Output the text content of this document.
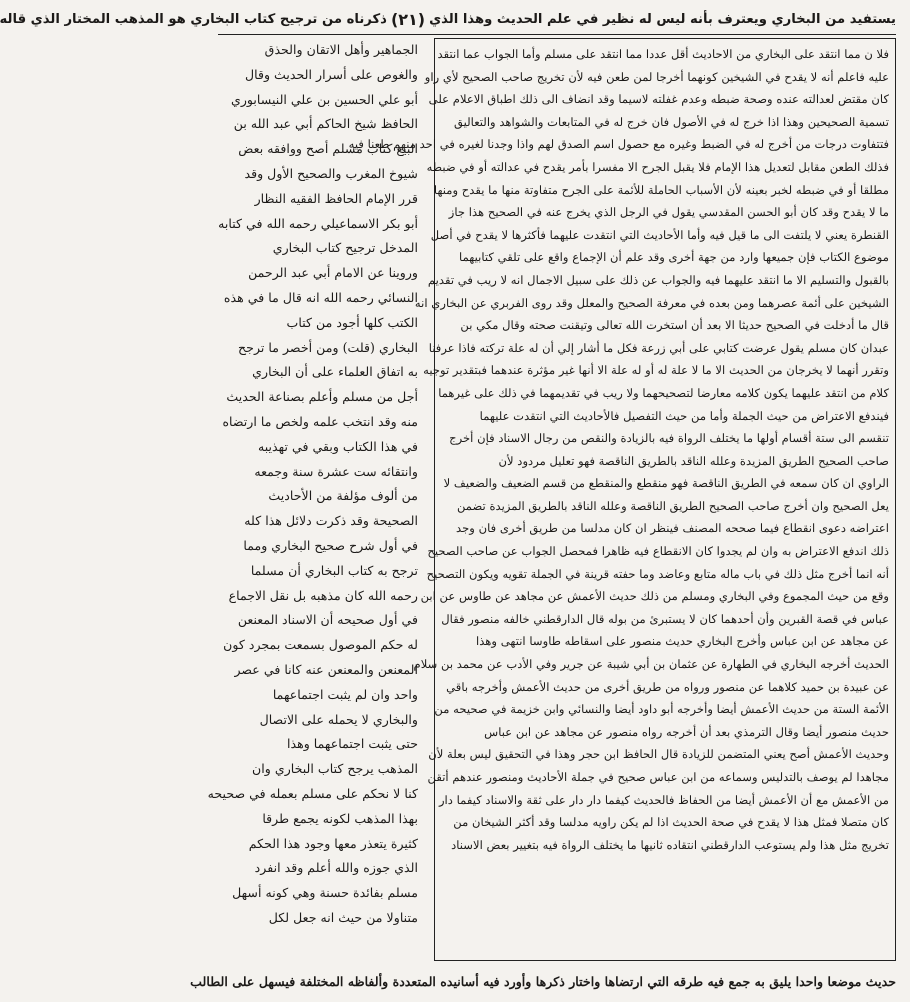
يستفيد من البخاري ويعترف بأنه ليس له نظير في علم الحديث وهذا الذي
(٢١)
ذكرناه من ترجيح كتاب البخاري هو المذهب المختار الذي قاله
فلا ن مما انتقد على البخاري من الاحاديث أقل عددا مما انتقد على مسلم وأما الجواب عما انتقد
عليه فاعلم أنه لا يقدح في الشيخين كونهما أخرجا لمن طعن فيه لأن تخريج صاحب الصحيح لأي راو
كان مقتض لعدالته عنده وصحة ضبطه وعدم غفلته لاسيما وقد انضاف الى ذلك اطباق الاعلام على
تسمية الصحيحين وهذا اذا خرج له في الأصول فان خرج له في المتابعات والشواهد والتعاليق
فتتفاوت درجات من أخرج له في الضبط وغيره مع حصول اسم الصدق لهم واذا وجدنا لغيره في احد منهم طعنا فيه
فذلك الطعن مقابل لتعديل هذا الإمام فلا يقبل الجرح الا مفسرا بأمر يقدح في عدالته أو في ضبطه
مطلقا أو في ضبطه لخبر بعينه لأن الأسباب الحاملة للأئمة على الجرح متفاوتة منها ما يقدح ومنها
ما لا يقدح وقد كان أبو الحسن المقدسي يقول في الرجل الذي يخرج عنه في الصحيح هذا جاز
القنطرة يعني لا يلتفت الى ما قيل فيه وأما الأحاديث التي انتقدت عليهما فأكثرها لا يقدح في أصل
موضوع الكتاب فإن جميعها وارد من جهة أخرى وقد علم أن الإجماع واقع على تلقي كتابيهما
بالقبول والتسليم الا ما انتقد عليهما فيه والجواب عن ذلك على سبيل الاجمال انه لا ريب في تقديم
الشيخين على أئمة عصرهما ومن بعده في معرفة الصحيح والمعلل وقد روى الفربري عن البخاري انه
قال ما أدخلت في الصحيح حديثا الا بعد أن استخرت الله تعالى وتيقنت صحته وقال مكي بن
عبدان كان مسلم يقول عرضت كتابي على أبي زرعة فكل ما أشار إلي أن له علة تركته فاذا عرفنا
وتقرر أنهما لا يخرجان من الحديث الا ما لا علة له أو له علة الا أنها غير مؤثرة عندهما فبتقدير توجيه
كلام من انتقد عليهما يكون كلامه معارضا لتصحيحهما ولا ريب في تقديمهما في ذلك على غيرهما
فيندفع الاعتراض من حيث الجملة وأما من حيث التفصيل فالأحاديث التي انتقدت عليهما
تنقسم الى ستة أقسام أولها ما يختلف الرواة فيه بالزيادة والنقص من رجال الاسناد فإن أخرج
صاحب الصحيح الطريق المزيدة وعلله الناقد بالطريق الناقصة فهو تعليل مردود لأن
الراوي ان كان سمعه في الطريق الناقصة فهو منقطع والمنقطع من قسم الضعيف والضعيف لا
يعل الصحيح وان أخرج صاحب الصحيح الطريق الناقصة وعلله الناقد بالطريق المزيدة تضمن
اعتراضه دعوى انقطاع فيما صححه المصنف فينظر ان كان مدلسا من طريق أخرى فان وجد
ذلك اندفع الاعتراض به وان لم يجدوا كان الانقطاع فيه ظاهرا فمحصل الجواب عن صاحب الصحيح
أنه انما أخرج مثل ذلك في باب ماله متابع وعاضد وما حفته قرينة في الجملة تقويه ويكون التصحيح
وقع من حيث المجموع وفي البخاري ومسلم من ذلك حديث الأعمش عن مجاهد عن طاوس عن ابن
عباس في قصة القبرين وأن أحدهما كان لا يستبرئ من بوله قال الدارقطني خالفه منصور فقال
عن مجاهد عن ابن عباس وأخرج البخاري حديث منصور على اسقاطه طاوسا انتهى وهذا
الحديث أخرجه البخاري في الطهارة عن عثمان بن أبي شيبة عن جرير وفي الأدب عن محمد بن سلام
عن عبيدة بن حميد كلاهما عن منصور ورواه من طريق أخرى من حديث الأعمش وأخرجه باقي
الأئمة الستة من حديث الأعمش أيضا وأخرجه أبو داود أيضا والنسائي وابن خزيمة في صحيحه من
حديث منصور أيضا وقال الترمذي بعد أن أخرجه رواه منصور عن مجاهد عن ابن عباس
وحديث الأعمش أصح يعني المتضمن للزيادة قال الحافظ ابن حجر وهذا في التحقيق ليس بعلة لأن
مجاهدا لم يوصف بالتدليس وسماعه من ابن عباس صحيح في جملة الأحاديث ومنصور عندهم أتقن
من الأعمش مع أن الأعمش أيضا من الحفاظ فالحديث كيفما دار دار على ثقة والاسناد كيفما دار
كان متصلا فمثل هذا لا يقدح في صحة الحديث اذا لم يكن راويه مدلسا وقد أكثر الشيخان من
تخريج مثل هذا ولم يستوعب الدارقطني انتقاده ثانيها ما يختلف الرواة فيه بتغيير بعض الاسناد
الجماهير وأهل الاتقان والحذق
والغوص على أسرار الحديث وقال
أبو علي الحسين بن علي النيسابوري
الحافظ شيخ الحاكم أبي عبد الله بن
البيع كتاب مسلم أصح ووافقه بعض
شيوخ المغرب والصحيح الأول وقد
قرر الإمام الحافظ الفقيه النظار
أبو بكر الاسماعيلي رحمه الله في كتابه
المدخل ترجيح كتاب البخاري
وروينا عن الامام أبي عبد الرحمن
النسائي رحمه الله انه قال ما في هذه
الكتب كلها أجود من كتاب
البخاري (قلت) ومن أخصر ما ترجح
به اتفاق العلماء على أن البخاري
أجل من مسلم وأعلم بصناعة الحديث
منه وقد انتخب علمه ولخص ما ارتضاه
في هذا الكتاب وبقي في تهذيبه
وانتقائه ست عشرة سنة وجمعه
من ألوف مؤلفة من الأحاديث
الصحيحة وقد ذكرت دلائل هذا كله
في أول شرح صحيح البخاري ومما
ترجح به كتاب البخاري أن مسلما
رحمه الله كان مذهبه بل نقل الاجماع
في أول صحيحه أن الاسناد المعنعن
له حكم الموصول بسمعت بمجرد كون
المعنعن والمعنعن عنه كانا في عصر
واحد وان لم يثبت اجتماعهما
والبخاري لا يحمله على الاتصال
حتى يثبت اجتماعهما وهذا
المذهب يرجح كتاب البخاري وان
كنا لا نحكم على مسلم بعمله في صحيحه
بهذا المذهب لكونه يجمع طرقا
كثيرة يتعذر معها وجود هذا الحكم
الذي جوزه والله أعلم وقد انفرد
مسلم بفائدة حسنة وهي كونه أسهل
متناولا من حيث انه جعل لكل
حديث موضعا واحدا يليق به جمع فيه طرقه التي ارتضاها واختار ذكرها وأورد فيه أسانيده المتعددة وألفاظه المختلفة فيسهل على الطالب
